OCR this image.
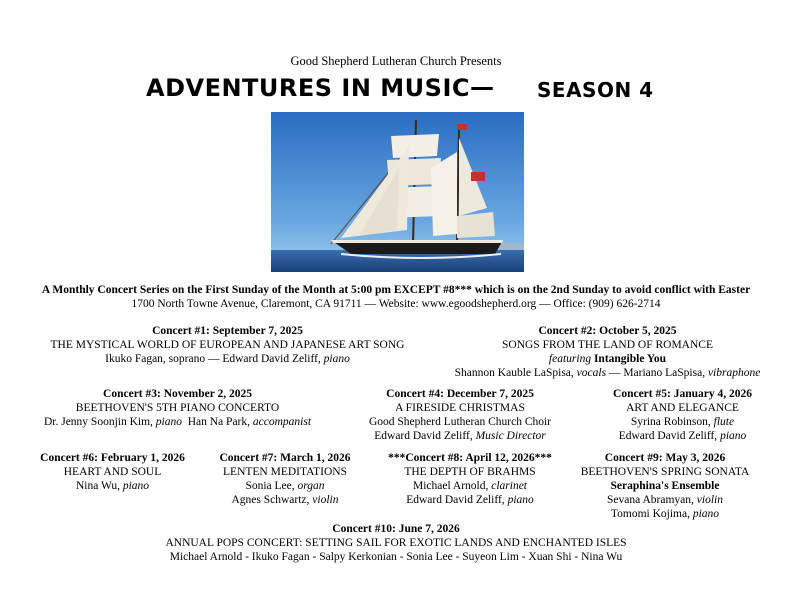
Good Shepherd Lutheran Church Presents
ADVENTURES IN MUSIC — SEASON 4
A Monthly Concert Series on the First Sunday of the Month at 5:00 pm EXCEPT #8*** which is on the 2nd Sunday to avoid conflict with Easter
1700 North Towne Avenue, Claremont, CA 91711 — Website: www.egoodshepherd.org — Office: (909) 626-2714
Concert #1: September 7, 2025
THE MYSTICAL WORLD OF EUROPEAN AND JAPANESE ART SONG
Ikuko Fagan, soprano — Edward David Zeliff, piano
Concert #2: October 5, 2025
SONGS FROM THE LAND OF ROMANCE
featuring Intangible You
Shannon Kauble LaSpisa, vocals — Mariano LaSpisa, vibraphone
Concert #3: November 2, 2025
BEETHOVEN'S 5TH PIANO CONCERTO
Dr. Jenny Soonjin Kim, piano  Han Na Park, accompanist
Concert #4: December 7, 2025
A FIRESIDE CHRISTMAS
Good Shepherd Lutheran Church Choir
Edward David Zeliff, Music Director
Concert #5: January 4, 2026
ART AND ELEGANCE
Syrina Robinson, flute
Edward David Zeliff, piano
Concert #6: February 1, 2026
HEART AND SOUL
Nina Wu, piano
Concert #7: March 1, 2026
LENTEN MEDITATIONS
Sonia Lee, organ
Agnes Schwartz, violin
***Concert #8: April 12, 2026***
THE DEPTH OF BRAHMS
Michael Arnold, clarinet
Edward David Zeliff, piano
Concert #9: May 3, 2026
BEETHOVEN'S SPRING SONATA
Seraphina's Ensemble
Sevana Abramyan, violin
Tomomi Kojima, piano
Concert #10: June 7, 2026
ANNUAL POPS CONCERT: SETTING SAIL FOR EXOTIC LANDS AND ENCHANTED ISLES
Michael Arnold - Ikuko Fagan - Salpy Kerkonian - Sonia Lee - Suyeon Lim - Xuan Shi - Nina Wu
